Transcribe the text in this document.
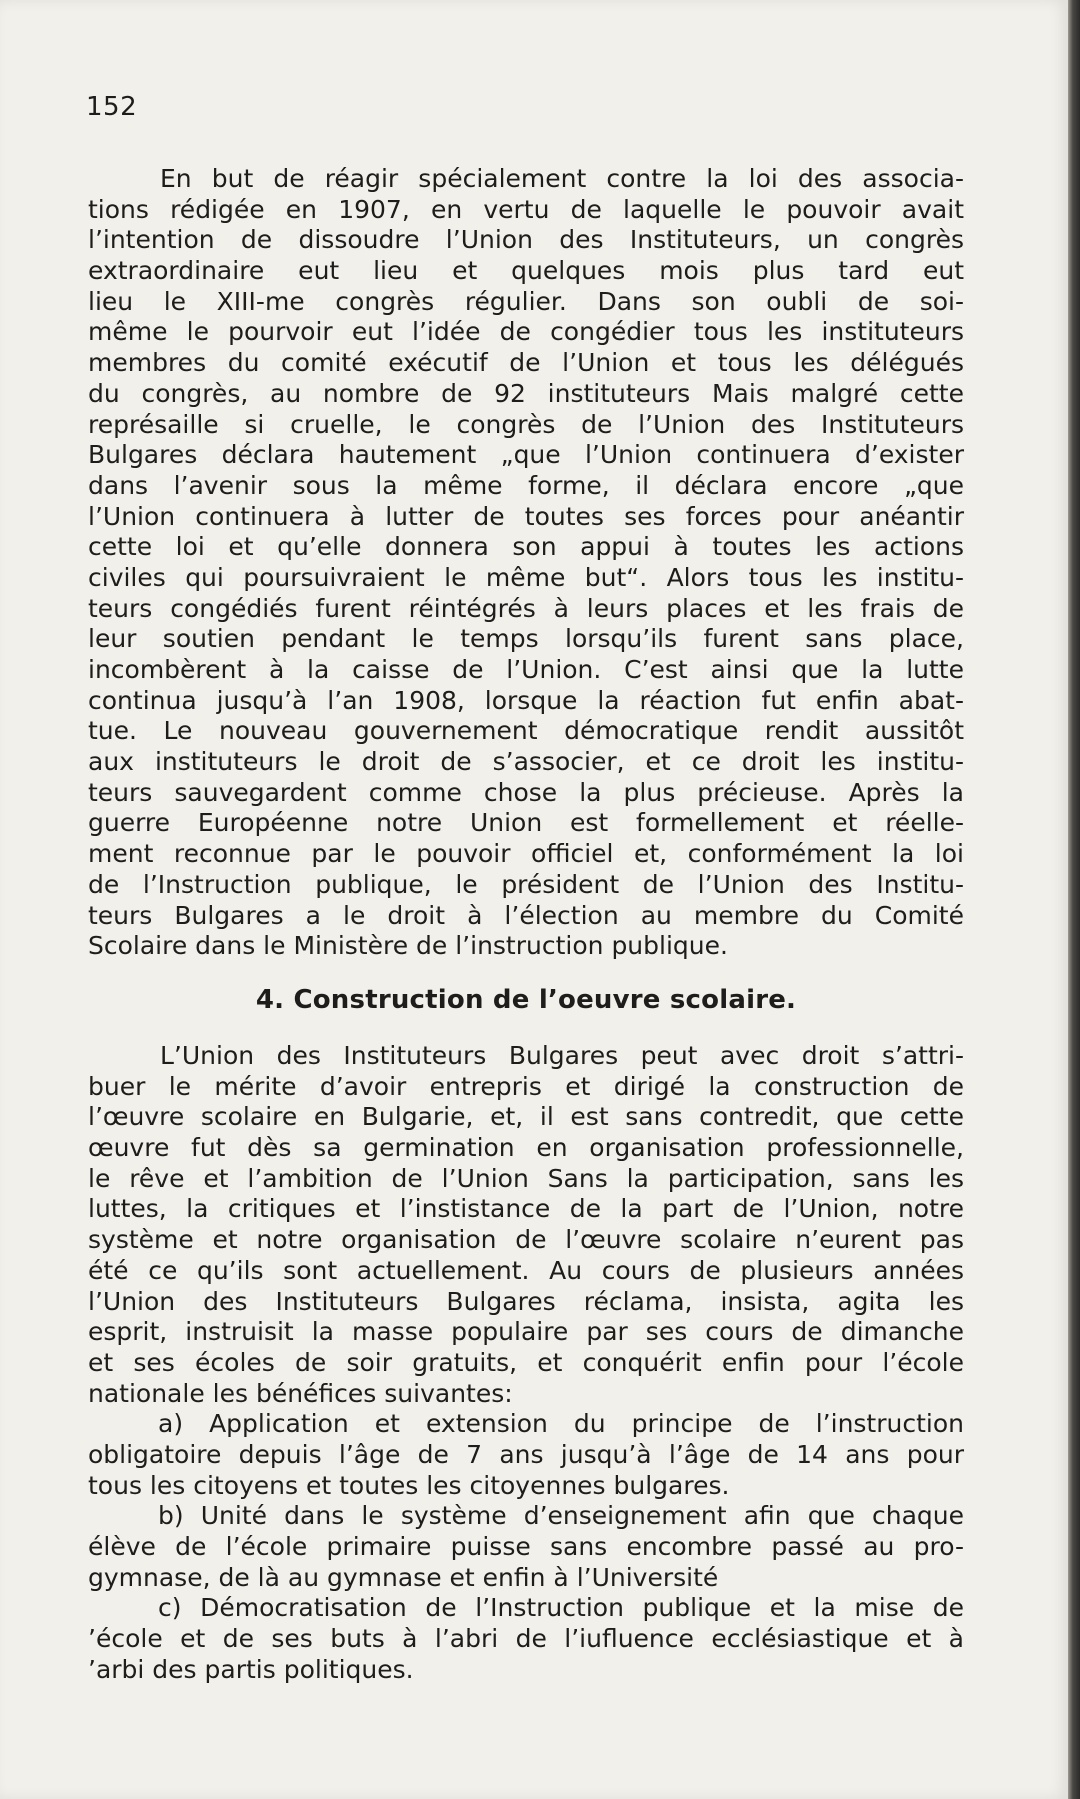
152
En but de réagir spécialement contre la loi des associa-
tions rédigée en 1907, en vertu de laquelle le pouvoir avait
l’intention de dissoudre l’Union des Instituteurs, un congrès
extraordinaire eut lieu et quelques mois plus tard eut
lieu le XIII-me congrès régulier. Dans son oubli de soi-
même le pourvoir eut l’idée de congédier tous les instituteurs
membres du comité exécutif de l’Union et tous les délégués
du congrès, au nombre de 92 instituteurs Mais malgré cette
représaille si cruelle, le congrès de l’Union des Instituteurs
Bulgares déclara hautement „que l’Union continuera d’exister
dans l’avenir sous la même forme, il déclara encore „que
l’Union continuera à lutter de toutes ses forces pour anéantir
cette loi et qu’elle donnera son appui à toutes les actions
civiles qui poursuivraient le même but“. Alors tous les institu-
teurs congédiés furent réintégrés à leurs places et les frais de
leur soutien pendant le temps lorsqu’ils furent sans place,
incombèrent à la caisse de l’Union. C’est ainsi que la lutte
continua jusqu’à l’an 1908, lorsque la réaction fut enfin abat-
tue. Le nouveau gouvernement démocratique rendit aussitôt
aux instituteurs le droit de s’associer, et ce droit les institu-
teurs sauvegardent comme chose la plus précieuse. Après la
guerre Européenne notre Union est formellement et réelle-
ment reconnue par le pouvoir officiel et, conformément la loi
de l’Instruction publique, le président de l’Union des Institu-
teurs Bulgares a le droit à l’élection au membre du Comité
Scolaire dans le Ministère de l’instruction publique.
4. Construction de l’oeuvre scolaire.
L’Union des Instituteurs Bulgares peut avec droit s’attri-
buer le mérite d’avoir entrepris et dirigé la construction de
l’œuvre scolaire en Bulgarie, et, il est sans contredit, que cette
œuvre fut dès sa germination en organisation professionnelle,
le rêve et l’ambition de l’Union Sans la participation, sans les
luttes, la critiques et l’instistance de la part de l’Union, notre
système et notre organisation de l’œuvre scolaire n’eurent pas
été ce qu’ils sont actuellement. Au cours de plusieurs années
l’Union des Instituteurs Bulgares réclama, insista, agita les
esprit, instruisit la masse populaire par ses cours de dimanche
et ses écoles de soir gratuits, et conquérit enfin pour l’école
nationale les bénéfices suivantes:
a) Application et extension du principe de l’instruction
obligatoire depuis l’âge de 7 ans jusqu’à l’âge de 14 ans pour
tous les citoyens et toutes les citoyennes bulgares.
b) Unité dans le système d’enseignement afin que chaque
élève de l’école primaire puisse sans encombre passé au pro-
gymnase, de là au gymnase et enfin à l’Université
c) Démocratisation de l’Instruction publique et la mise de
’école et de ses buts à l’abri de l’iufluence ecclésiastique et à
’arbi des partis politiques.
